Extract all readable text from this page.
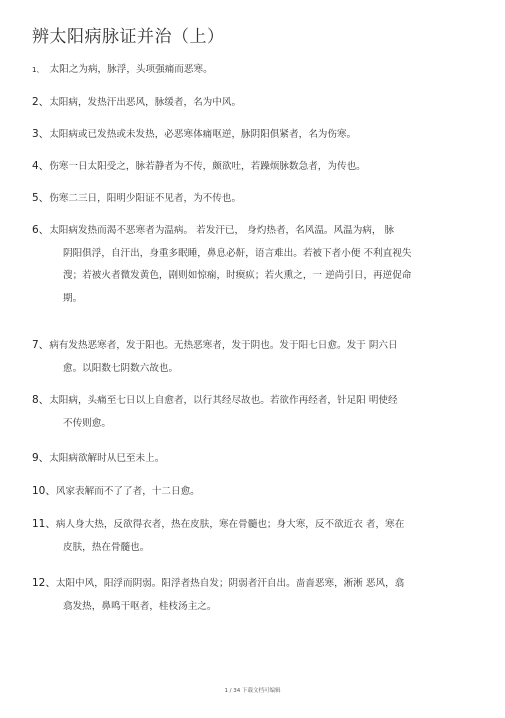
辨太阳病脉证并治（上）
1、 太阳之为病，脉浮，头项强痛而恶寒。
2、太阳病，发热汗出恶风，脉缓者，名为中风。
3、太阳病或已发热或未发热，必恶寒体痛呕逆，脉阴阳俱紧者，名为伤寒。
4、伤寒一日太阳受之，脉若静者为不传，颇欲吐，若躁烦脉数急者，为传也。
5、伤寒二三日，阳明少阳证不见者，为不传也。
6、太阳病发热而渴不恶寒者为温病。 若发汗已， 身灼热者，名风温。风温为病， 脉
阴阳俱浮，自汗出，身重多眠睡，鼻息必鼾，语言难出。若被下者小便 不利直视失
溲；若被火者微发黄色，剧则如惊痫，时瘈疭；若火熏之，一 逆尚引日，再逆促命
期。
7、病有发热恶寒者，发于阳也。无热恶寒者，发于阴也。发于阳七日愈。发于 阴六日
愈。以阳数七阴数六故也。
8、太阳病，头痛至七日以上自愈者，以行其经尽故也。若欲作再经者，针足阳 明使经
不传则愈。
9、太阳病欲解时从巳至未上。
10、风家表解而不了了者，十二日愈。
11、病人身大热，反欲得衣者，热在皮肤，寒在骨髓也；身大寒，反不欲近衣 者，寒在
皮肤，热在骨髓也。
12、太阳中风，阳浮而阴弱。阳浮者热自发；阴弱者汗自出。啬啬恶寒，淅淅 恶风，翕
翕发热，鼻鸣干呕者，桂枝汤主之。
1 / 34 下载文档可编辑
